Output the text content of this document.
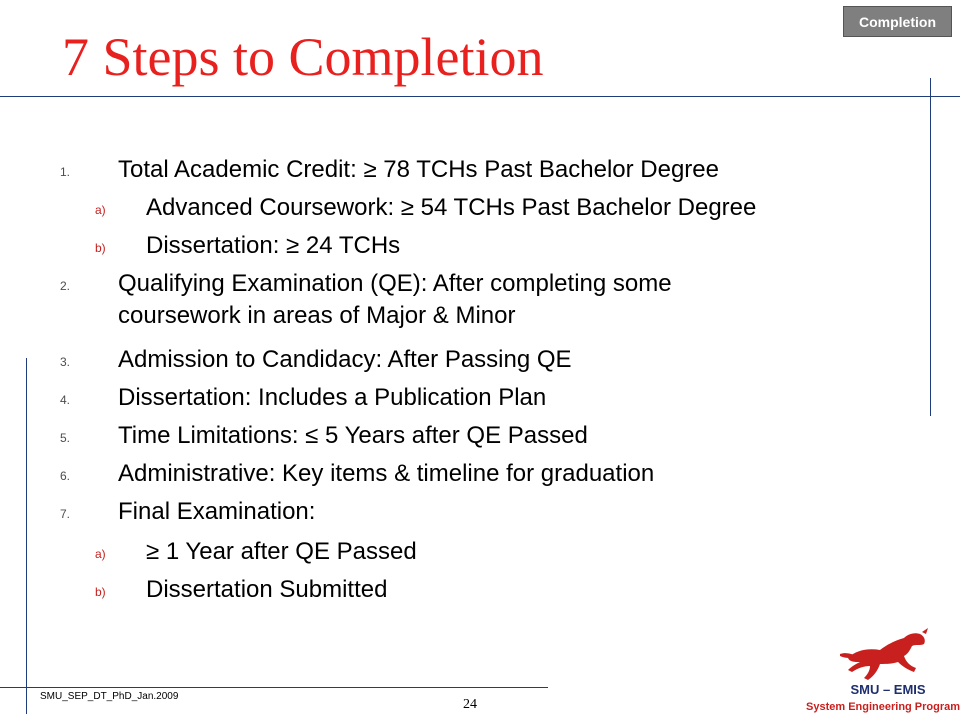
Completion
7 Steps to Completion
1. Total Academic Credit: ≥ 78 TCHs Past Bachelor Degree
a) Advanced Coursework: ≥ 54 TCHs Past Bachelor Degree
b) Dissertation: ≥ 24 TCHs
2. Qualifying Examination (QE): After completing some
coursework in areas of Major & Minor
3. Admission to Candidacy: After Passing QE
4. Dissertation: Includes a Publication Plan
5. Time Limitations: ≤ 5 Years after QE Passed
6. Administrative: Key items & timeline for graduation
7. Final Examination:
a) ≥ 1 Year after QE Passed
b) Dissertation Submitted
SMU_SEP_DT_PhD_Jan.2009
24
SMU – EMIS
System Engineering Program
